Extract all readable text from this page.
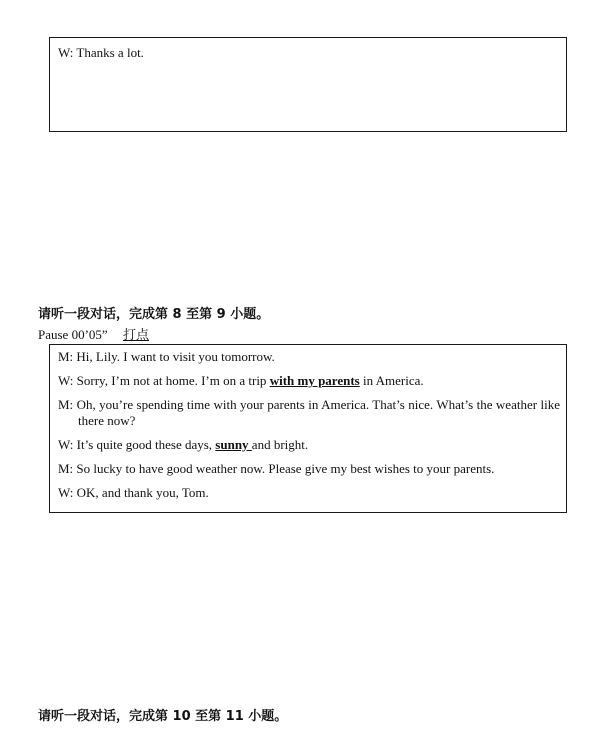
W: Thanks a lot.
请听一段对话，完成第 8 至第 9 小题。
Pause 00’05” 打点
M: Hi, Lily. I want to visit you tomorrow.
W: Sorry, I’m not at home. I’m on a trip with my parents in America.
M: Oh, you’re spending time with your parents in America. That’s nice. What’s the weather like there now?
W: It’s quite good these days, sunny and bright.
M: So lucky to have good weather now. Please give my best wishes to your parents.
W: OK, and thank you, Tom.
请听一段对话，完成第 10 至第 11 小题。
